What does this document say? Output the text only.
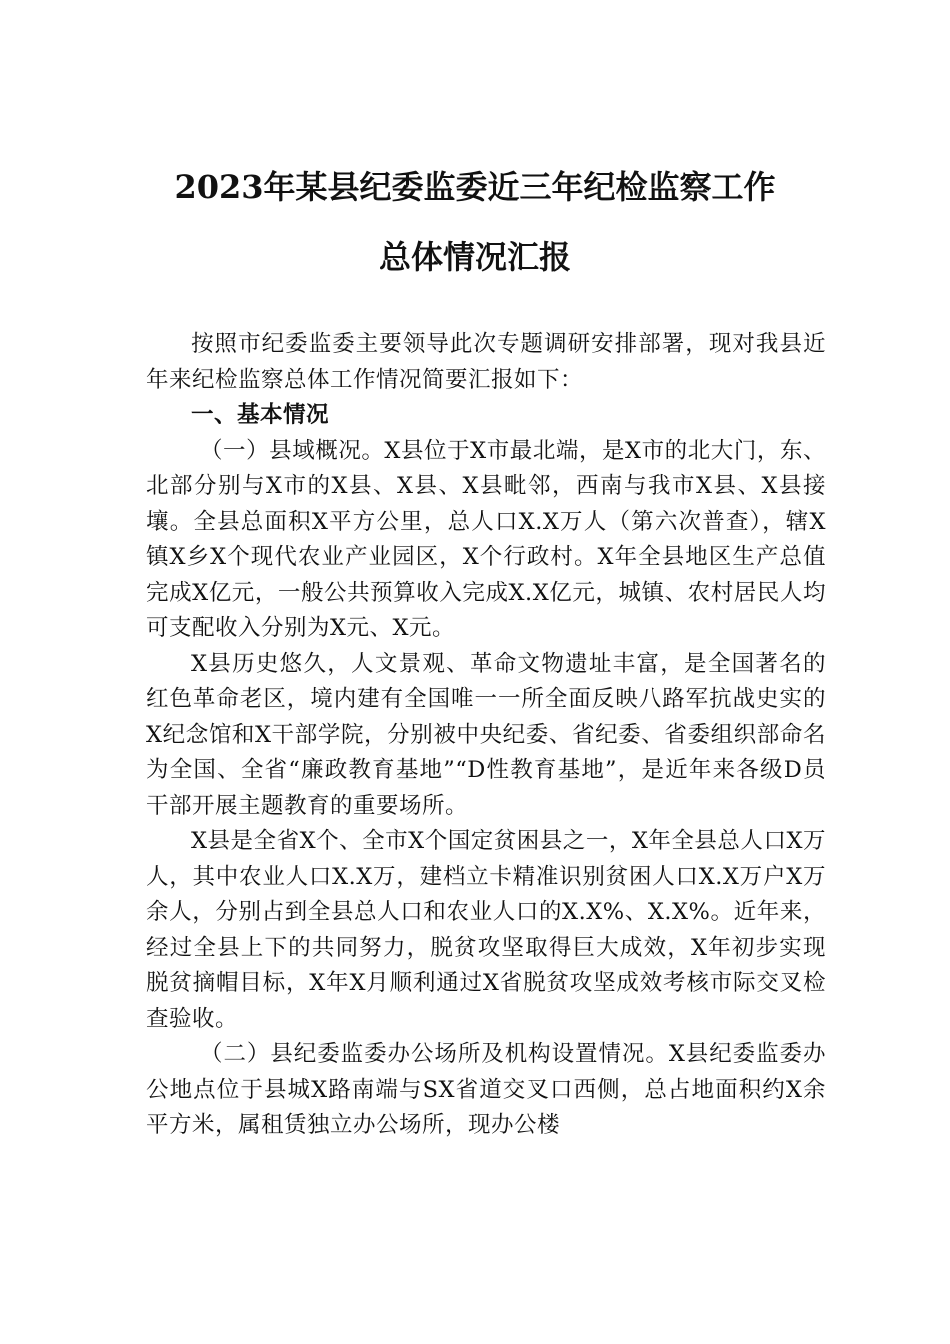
2023年某县纪委监委近三年纪检监察工作
总体情况汇报

按照市纪委监委主要领导此次专题调研安排部署，现对我县近年来纪检监察总体工作情况简要汇报如下：

一、基本情况

（一）县域概况。X县位于X市最北端，是X市的北大门，东、北部分别与X市的X县、X县、X县毗邻，西南与我市X县、X县接壤。全县总面积X平方公里，总人口X.X万人（第六次普查），辖X镇X乡X个现代农业产业园区，X个行政村。X年全县地区生产总值完成X亿元，一般公共预算收入完成X.X亿元，城镇、农村居民人均可支配收入分别为X元、X元。

X县历史悠久，人文景观、革命文物遗址丰富，是全国著名的红色革命老区，境内建有全国唯一一所全面反映八路军抗战史实的X纪念馆和X干部学院，分别被中央纪委、省纪委、省委组织部命名为全国、全省“廉政教育基地”“D性教育基地”，是近年来各级D员干部开展主题教育的重要场所。

X县是全省X个、全市X个国定贫困县之一，X年全县总人口X万人，其中农业人口X.X万，建档立卡精准识别贫困人口X.X万户X万余人，分别占到全县总人口和农业人口的X.X%、X.X%。近年来，经过全县上下的共同努力，脱贫攻坚取得巨大成效，X年初步实现脱贫摘帽目标，X年X月顺利通过X省脱贫攻坚成效考核市际交叉检查验收。

（二）县纪委监委办公场所及机构设置情况。X县纪委监委办公地点位于县城X路南端与SX省道交叉口西侧，总占地面积约X余平方米，属租赁独立办公场所，现办公楼
